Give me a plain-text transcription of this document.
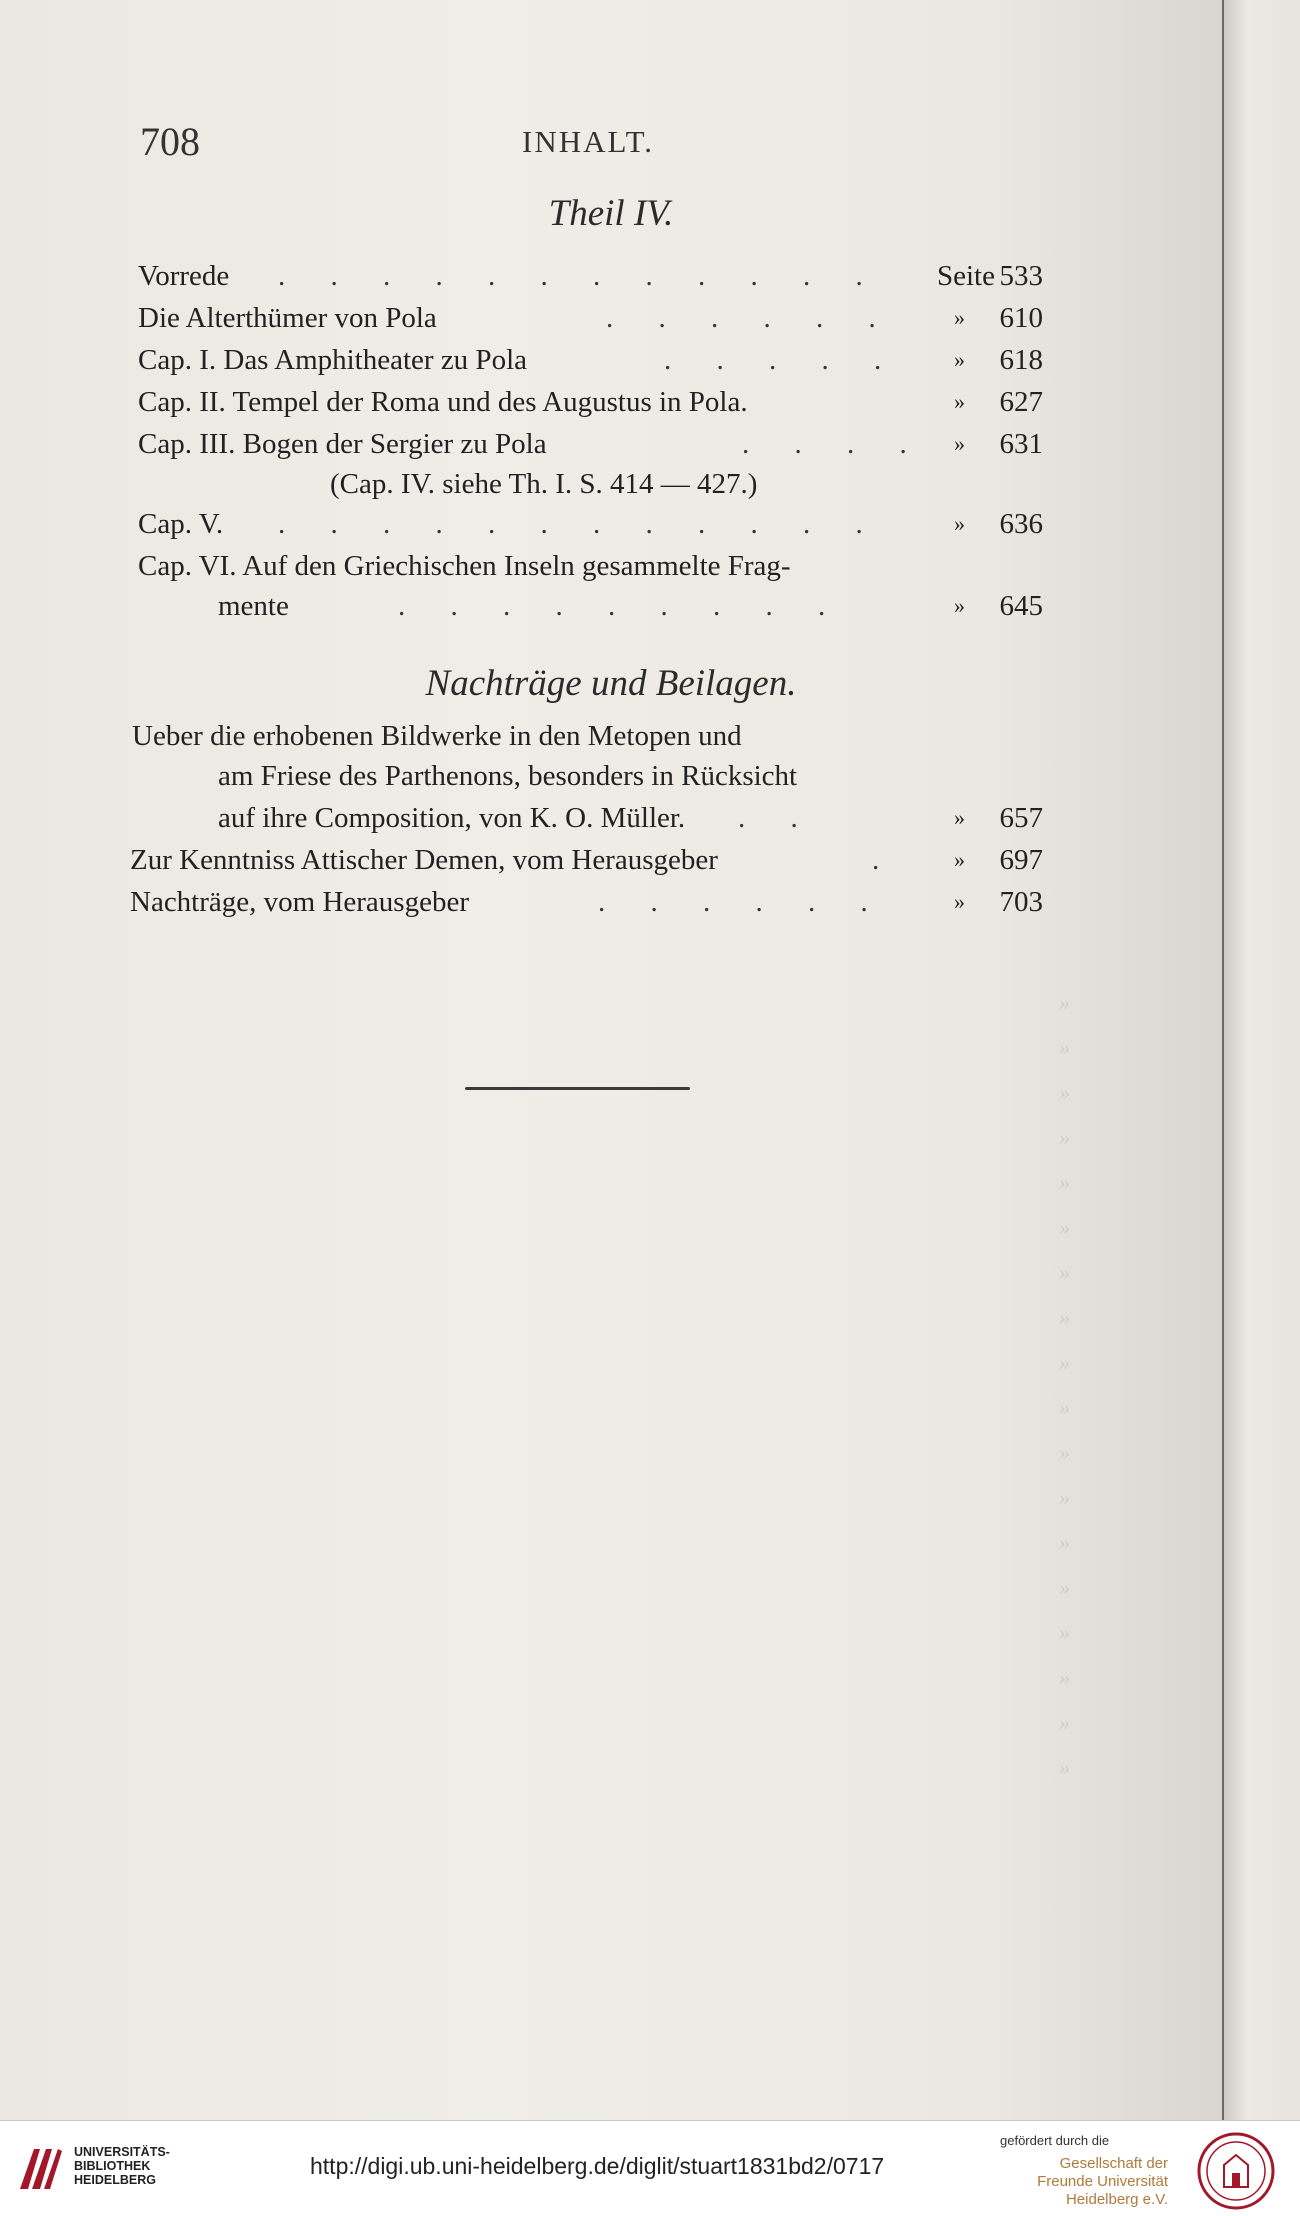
»
»
»
»
»
»
»
»
»
»
»
»
»
»
»
»
»
»
708	INHALT.
Theil IV.
Vorrede . . . . . . . . . . . . Seite 533
Die Alterthümer von Pola	. . . . . .	»	610
Cap. I. Das Amphitheater zu Pola	. . . . . »	618
Cap. II. Tempel der Roma und des Augustus in Pola.	»	627
Cap. III. Bogen der Sergier zu Pola	. . . . »	631
(Cap. IV. siehe Th. I. S. 414 — 427.)
Cap. V. . . . . . . . . . . . .	»	636
Cap. VI. Auf den Griechischen Inseln gesammelte Frag-
mente	. . . . . . . . .	»	645
Nachträge und Beilagen.
Ueber die erhobenen Bildwerke in den Metopen und
am Friese des Parthenons, besonders in Rücksicht
auf ihre Composition, von K. O. Müller. . .	»	657
Zur Kenntniss Attischer Demen, vom Herausgeber	.	»	697
Nachträge, vom Herausgeber	. . . . . .	»	703
UNIVERSITÄTS-BIBLIOTHEK HEIDELBERG
http://digi.ub.uni-heidelberg.de/diglit/stuart1831bd2/0717
gefördert durch die
Gesellschaft der Freunde Universität Heidelberg e.V.
